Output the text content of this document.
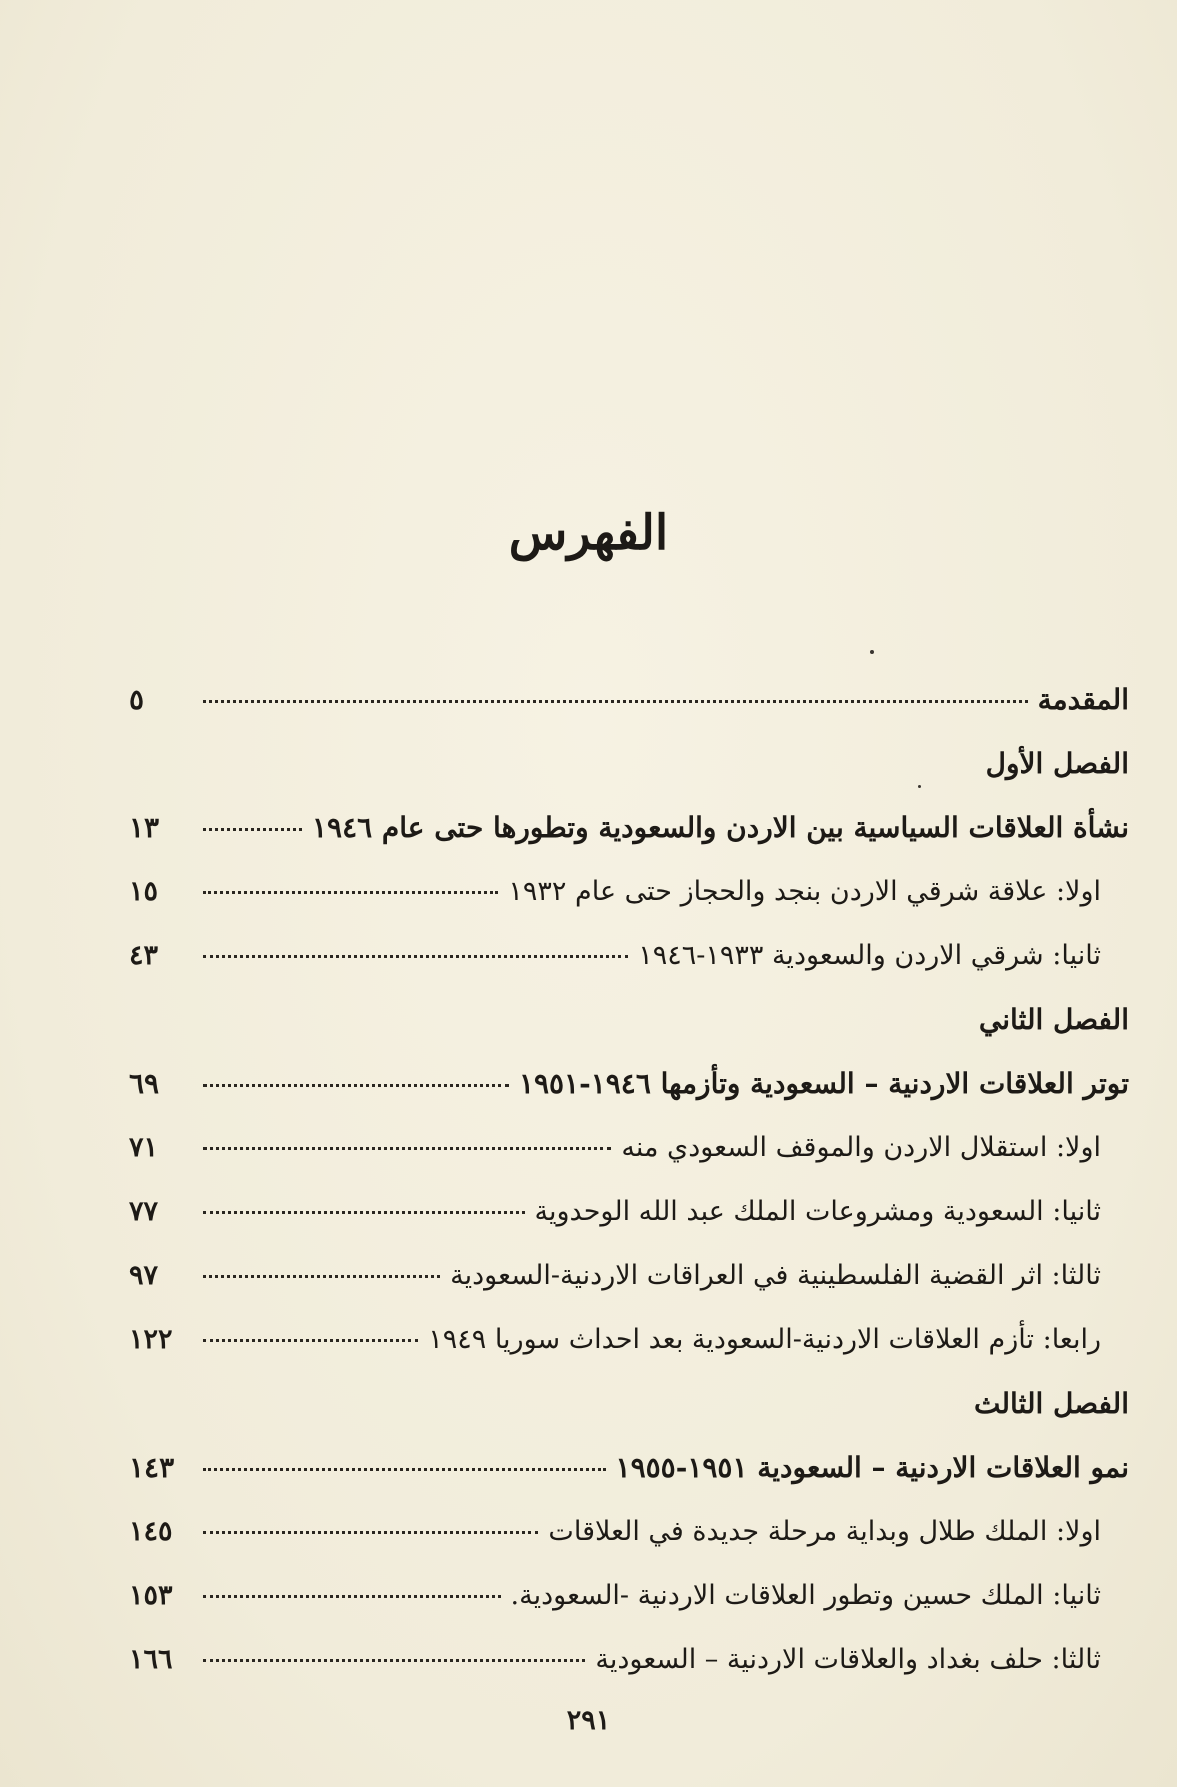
الفهرس
المقدمة
٥
الفصل الأول
نشأة العلاقات السياسية بين الاردن والسعودية وتطورها حتى عام ١٩٤٦
١٣
اولا: علاقة شرقي الاردن بنجد والحجاز حتى عام ١٩٣٢
١٥
ثانيا: شرقي الاردن والسعودية ١٩٣٣-١٩٤٦
٤٣
الفصل الثاني
توتر العلاقات الاردنية – السعودية وتأزمها ١٩٤٦-١٩٥١
٦٩
اولا: استقلال الاردن والموقف السعودي منه
٧١
ثانيا: السعودية ومشروعات الملك عبد الله الوحدوية
٧٧
ثالثا: اثر القضية الفلسطينية في العراقات الاردنية-السعودية
٩٧
رابعا: تأزم العلاقات الاردنية-السعودية بعد احداث سوريا ١٩٤٩
١٢٢
الفصل الثالث
نمو العلاقات الاردنية – السعودية ١٩٥١-١٩٥٥
١٤٣
اولا: الملك طلال وبداية مرحلة جديدة في العلاقات
١٤٥
ثانيا: الملك حسين وتطور العلاقات الاردنية -السعودية.
١٥٣
ثالثا: حلف بغداد والعلاقات الاردنية – السعودية
١٦٦
٢٩١
